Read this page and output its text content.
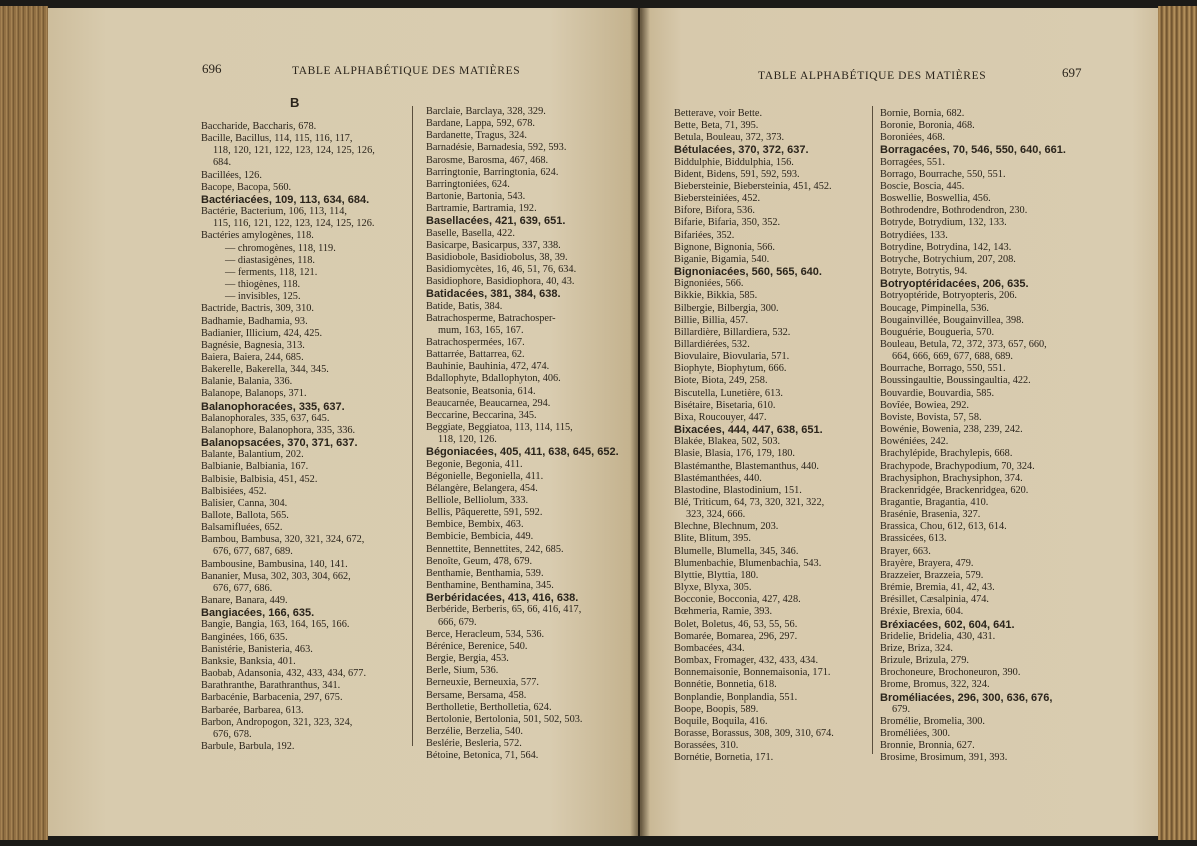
696	TABLE ALPHABÉTIQUE DES MATIÈRES
B
Baccharide, Baccharis, 678.
Bacille, Bacillus, 114, 115, 116, 117,
118, 120, 121, 122, 123, 124, 125, 126,
684.
Bacillées, 126.
Bacope, Bacopa, 560.
Bactériacées, 109, 113, 634, 684.
Bactérie, Bacterium, 106, 113, 114,
115, 116, 121, 122, 123, 124, 125, 126.
Bactéries amylogènes, 118.
— chromogènes, 118, 119.
— diastasigènes, 118.
— ferments, 118, 121.
— thiogènes, 118.
— invisibles, 125.
Bactride, Bactris, 309, 310.
Badhamie, Badhamia, 93.
Badianier, Illicium, 424, 425.
Bagnésie, Bagnesia, 313.
Baiera, Baiera, 244, 685.
Bakerelle, Bakerella, 344, 345.
Balanie, Balania, 336.
Balanope, Balanops, 371.
Balanophoracées, 335, 637.
Balanophorales, 335, 637, 645.
Balanophore, Balanophora, 335, 336.
Balanopsacées, 370, 371, 637.
Balante, Balantium, 202.
Balbianie, Balbiania, 167.
Balbisie, Balbisia, 451, 452.
Balbisiées, 452.
Balisier, Canna, 304.
Ballote, Ballota, 565.
Balsamifluées, 652.
Bambou, Bambusa, 320, 321, 324, 672,
676, 677, 687, 689.
Bambousine, Bambusina, 140, 141.
Bananier, Musa, 302, 303, 304, 662,
676, 677, 686.
Banare, Banara, 449.
Bangiacées, 166, 635.
Bangie, Bangia, 163, 164, 165, 166.
Banginées, 166, 635.
Banistérie, Banisteria, 463.
Banksie, Banksia, 401.
Baobab, Adansonia, 432, 433, 434, 677.
Barathranthe, Barathranthus, 341.
Barbacénie, Barbacenia, 297, 675.
Barbarée, Barbarea, 613.
Barbon, Andropogon, 321, 323, 324,
676, 678.
Barbule, Barbula, 192.
Barclaie, Barclaya, 328, 329.
Bardane, Lappa, 592, 678.
Bardanette, Tragus, 324.
Barnadésie, Barnadesia, 592, 593.
Barosme, Barosma, 467, 468.
Barringtonie, Barringtonia, 624.
Barringtoniées, 624.
Bartonie, Bartonia, 543.
Bartramie, Bartramia, 192.
Basellacées, 421, 639, 651.
Baselle, Basella, 422.
Basicarpe, Basicarpus, 337, 338.
Basidiobole, Basidiobolus, 38, 39.
Basidiomycètes, 16, 46, 51, 76, 634.
Basidiophore, Basidiophora, 40, 43.
Batidacées, 381, 384, 638.
Batide, Batis, 384.
Batrachosperme, Batrachosper-
mum, 163, 165, 167.
Batrachospermées, 167.
Battarrée, Battarrea, 62.
Bauhinie, Bauhinia, 472, 474.
Bdallophyte, Bdallophyton, 406.
Beatsonie, Beatsonia, 614.
Beaucarnée, Beaucarnea, 294.
Beccarine, Beccarina, 345.
Beggiate, Beggiatoa, 113, 114, 115,
118, 120, 126.
Bégoniacées, 405, 411, 638, 645, 652.
Begonie, Begonia, 411.
Bégonielle, Begoniella, 411.
Bélangère, Belangera, 454.
Belliole, Belliolum, 333.
Bellis, Pâquerette, 591, 592.
Bembice, Bembix, 463.
Bembicie, Bembicia, 449.
Bennettite, Bennettites, 242, 685.
Benoîte, Geum, 478, 679.
Benthamie, Benthamia, 539.
Benthamine, Benthamina, 345.
Berbéridacées, 413, 416, 638.
Berbéride, Berberis, 65, 66, 416, 417,
666, 679.
Berce, Heracleum, 534, 536.
Bérénice, Berenice, 540.
Bergie, Bergia, 453.
Berle, Sium, 536.
Berneuxie, Berneuxia, 577.
Bersame, Bersama, 458.
Bertholletie, Bertholletia, 624.
Bertolonie, Bertolonia, 501, 502, 503.
Berzélie, Berzelia, 540.
Beslérie, Besleria, 572.
Bétoine, Betonica, 71, 564.
TABLE ALPHABÉTIQUE DES MATIÈRES	697
Betterave, voir Bette.
Bette, Beta, 71, 395.
Betula, Bouleau, 372, 373.
Bétulacées, 370, 372, 637.
Biddulphie, Biddulphia, 156.
Bident, Bidens, 591, 592, 593.
Biebersteinie, Biebersteinia, 451, 452.
Biebersteiniées, 452.
Bifore, Bifora, 536.
Bifarie, Bifaria, 350, 352.
Bifariées, 352.
Bignone, Bignonia, 566.
Biganie, Bigamia, 540.
Bignoniacées, 560, 565, 640.
Bignoniées, 566.
Bikkie, Bikkia, 585.
Bilbergie, Bilbergia, 300.
Billie, Billia, 457.
Billardière, Billardiera, 532.
Billardiérées, 532.
Biovulaire, Biovularia, 571.
Biophyte, Biophytum, 666.
Biote, Biota, 249, 258.
Biscutella, Lunetière, 613.
Bisétaire, Bisetaria, 610.
Bixa, Roucouyer, 447.
Bixacées, 444, 447, 638, 651.
Blakée, Blakea, 502, 503.
Blasie, Blasia, 176, 179, 180.
Blastémanthe, Blastemanthus, 440.
Blastémanthées, 440.
Blastodine, Blastodinium, 151.
Blé, Triticum, 64, 73, 320, 321, 322,
323, 324, 666.
Blechne, Blechnum, 203.
Blite, Blitum, 395.
Blumelle, Blumella, 345, 346.
Blumenbachie, Blumenbachia, 543.
Blyttie, Blyttia, 180.
Blyxe, Blyxa, 305.
Bocconie, Bocconia, 427, 428.
Bœhmeria, Ramie, 393.
Bolet, Boletus, 46, 53, 55, 56.
Bomarée, Bomarea, 296, 297.
Bombacées, 434.
Bombax, Fromager, 432, 433, 434.
Bonnemaisonie, Bonnemaisonia, 171.
Bonnétie, Bonnetia, 618.
Bonplandie, Bonplandia, 551.
Boope, Boopis, 589.
Boquile, Boquila, 416.
Borasse, Borassus, 308, 309, 310, 674.
Borassées, 310.
Bornétie, Bornetia, 171.
Bornie, Bornia, 682.
Boronie, Boronia, 468.
Boroniées, 468.
Borragacées, 70, 546, 550, 640, 661.
Borragées, 551.
Borrago, Bourrache, 550, 551.
Boscie, Boscia, 445.
Boswellie, Boswellia, 456.
Bothrodendre, Bothrodendron, 230.
Botryde, Botrydium, 132, 133.
Botrydiées, 133.
Botrydine, Botrydina, 142, 143.
Botryche, Botrychium, 207, 208.
Botryte, Botrytis, 94.
Botryoptéridacées, 206, 635.
Botryoptéride, Botryopteris, 206.
Boucage, Pimpinella, 536.
Bougainvillée, Bougainvillea, 398.
Bouguérie, Bougueria, 570.
Bouleau, Betula, 72, 372, 373, 657, 660,
664, 666, 669, 677, 688, 689.
Bourrache, Borrago, 550, 551.
Boussingaultie, Boussingaultia, 422.
Bouvardie, Bouvardia, 585.
Bovîée, Bowiea, 292.
Boviste, Bovista, 57, 58.
Bowénie, Bowenia, 238, 239, 242.
Bowéniées, 242.
Brachylépide, Brachylepis, 668.
Brachypode, Brachypodium, 70, 324.
Brachysiphon, Brachysiphon, 374.
Brackenridgée, Brackenridgea, 620.
Bragantie, Bragantia, 410.
Brasénie, Brasenia, 327.
Brassica, Chou, 612, 613, 614.
Brassicées, 613.
Brayer, 663.
Brayère, Brayera, 479.
Brazzeier, Brazzeia, 579.
Brémie, Bremia, 41, 42, 43.
Brésillet, Cæsalpinia, 474.
Bréxie, Brexia, 604.
Bréxiacées, 602, 604, 641.
Bridelie, Bridelia, 430, 431.
Brize, Briza, 324.
Brizule, Brizula, 279.
Brochoneure, Brochoneuron, 390.
Brome, Bromus, 322, 324.
Broméliacées, 296, 300, 636, 676,
679.
Bromélie, Bromelia, 300.
Broméliées, 300.
Bronnie, Bronnia, 627.
Brosime, Brosimum, 391, 393.
